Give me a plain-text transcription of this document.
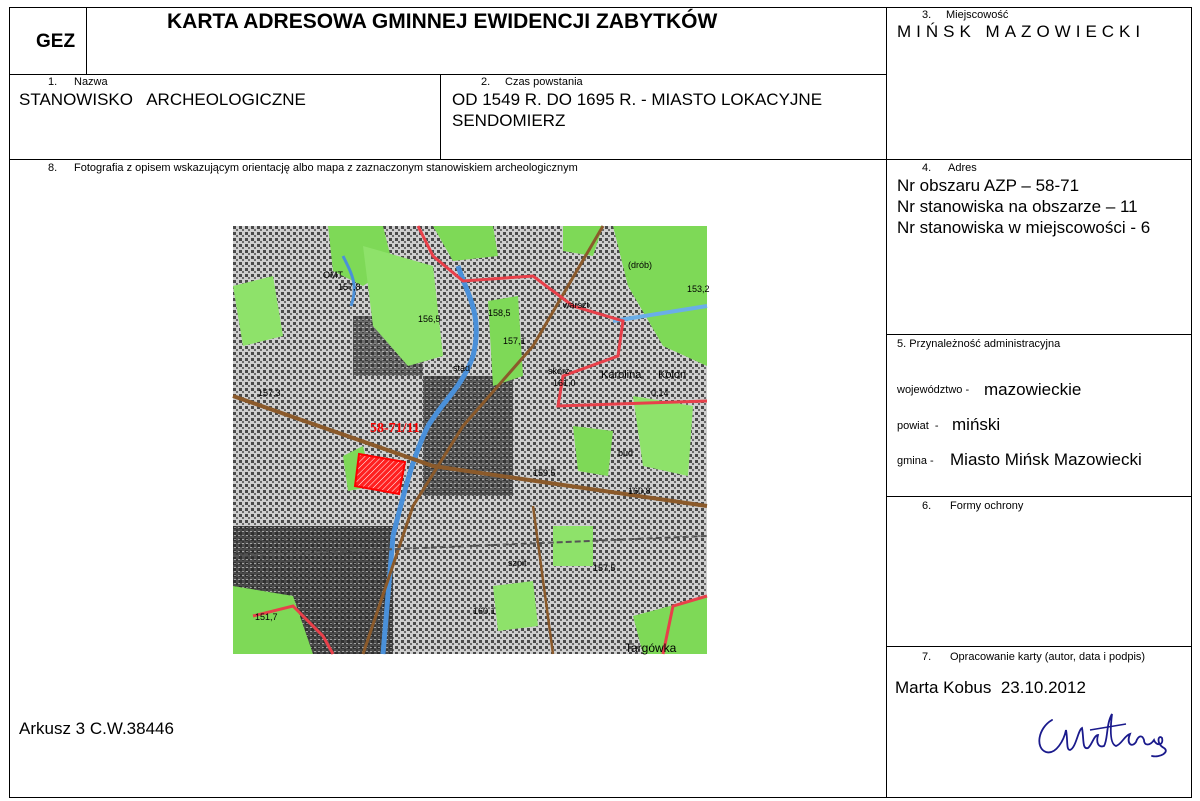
GEZ
KARTA ADRESOWA GMINNEJ EWIDENCJI ZABYTKÓW	3. Miejscowość
MIŃSK MAZOWIECKI
1. Nazwa
STANOWISKO   ARCHEOLOGICZNE
2. Czas powstania
OD 1549 R. DO 1695 R. - MIASTO LOKACYJNE
SENDOMIERZ
8. Fotografia z opisem wskazującym orientację albo mapa z zaznaczonym stanowiskiem archeologicznym	4. Adres
Nr obszaru AZP – 58-71
Nr stanowiska na obszarze – 11
Nr stanowiska w miejscowości - 6
5. Przynależność administracyjna
województwo - mazowieckie
powiat  - miński
gmina - Miasto Mińsk Mazowiecki
6. Formy ochrony
7. Opracowanie karty (autor, data i podpis)
Marta Kobus  23.10.2012
Arkusz 3 C.W.38446
58-71/11
OMT
157,8
156,5
158,5
157,1
stad	skórz
161,0
Karolina Kolon
0,14
bud
160,8
159,5
157,5
szpit
160,1
151,7
Targówka
(drób)
153,2
warszt
157,3
